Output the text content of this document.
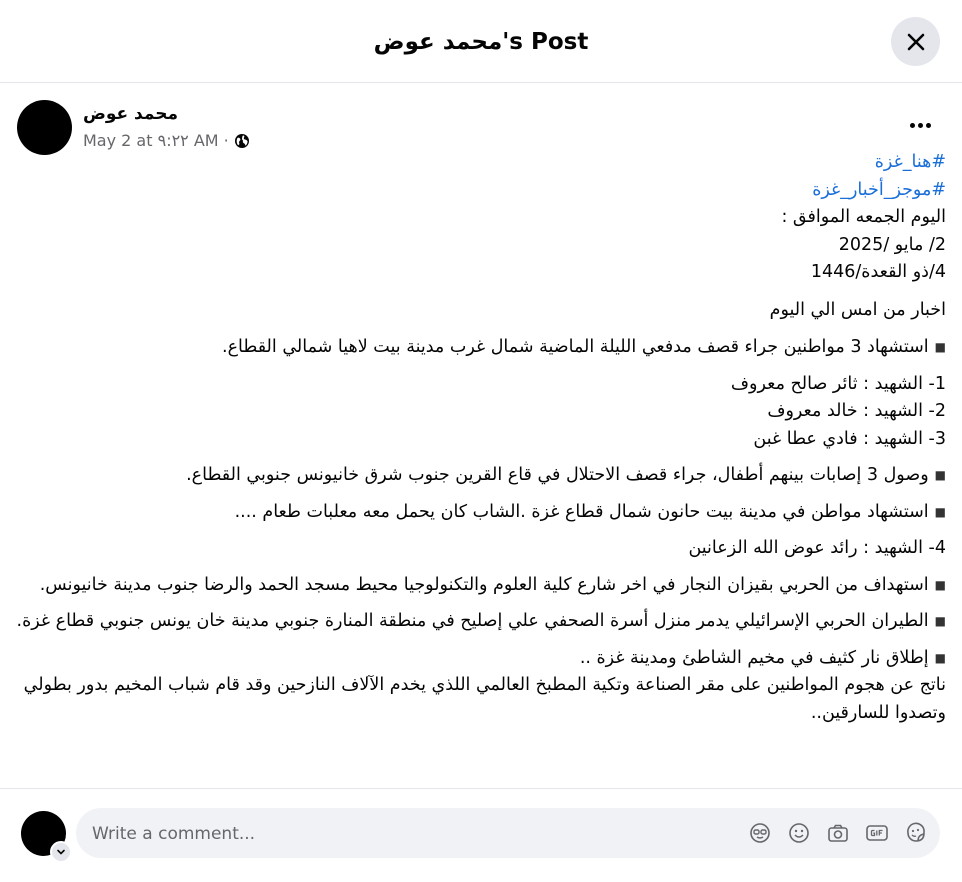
محمد عوض's Post
محمد عوض
May 2 at ٩:٢٢ AM ·

#هنا_غزة

#موجز_أخبار_غزة

اليوم الجمعه الموافق :

2/ مايو /2025

4/ذو القعدة/1446

اخبار من امس الي اليوم

■استشهاد 3 مواطنين جراء قصف مدفعي الليلة الماضية شمال غرب مدينة بيت لاهيا شمالي القطاع.

1- الشهيد : ثائر صالح معروف

2- الشهيد : خالد معروف

3- الشهيد : فادي عطا غبن

■وصول 3 إصابات بينهم أطفال، جراء قصف الاحتلال في قاع القرين جنوب شرق خانيونس جنوبي القطاع.

■استشهاد مواطن في مدينة بيت حانون شمال قطاع غزة .الشاب كان يحمل معه معلبات طعام ....

4- الشهيد : رائد عوض الله الزعانين

■استهداف من الحربي بقيزان النجار في اخر شارع كلية العلوم والتكنولوجيا محيط مسجد الحمد والرضا جنوب مدينة خانيونس.

■الطيران الحربي الإسرائيلي يدمر منزل أسرة الصحفي علي إصليح في منطقة المنارة جنوبي مدينة خان يونس جنوبي قطاع غزة.

■إطلاق نار كثيف في مخيم الشاطئ ومدينة غزة ..

ناتج عن هجوم المواطنين على مقر الصناعة وتكية المطبخ العالمي اللذي يخدم الآلاف النازحين وقد قام شباب المخيم بدور بطولي وتصدوا للسارقين..

Write a comment...
